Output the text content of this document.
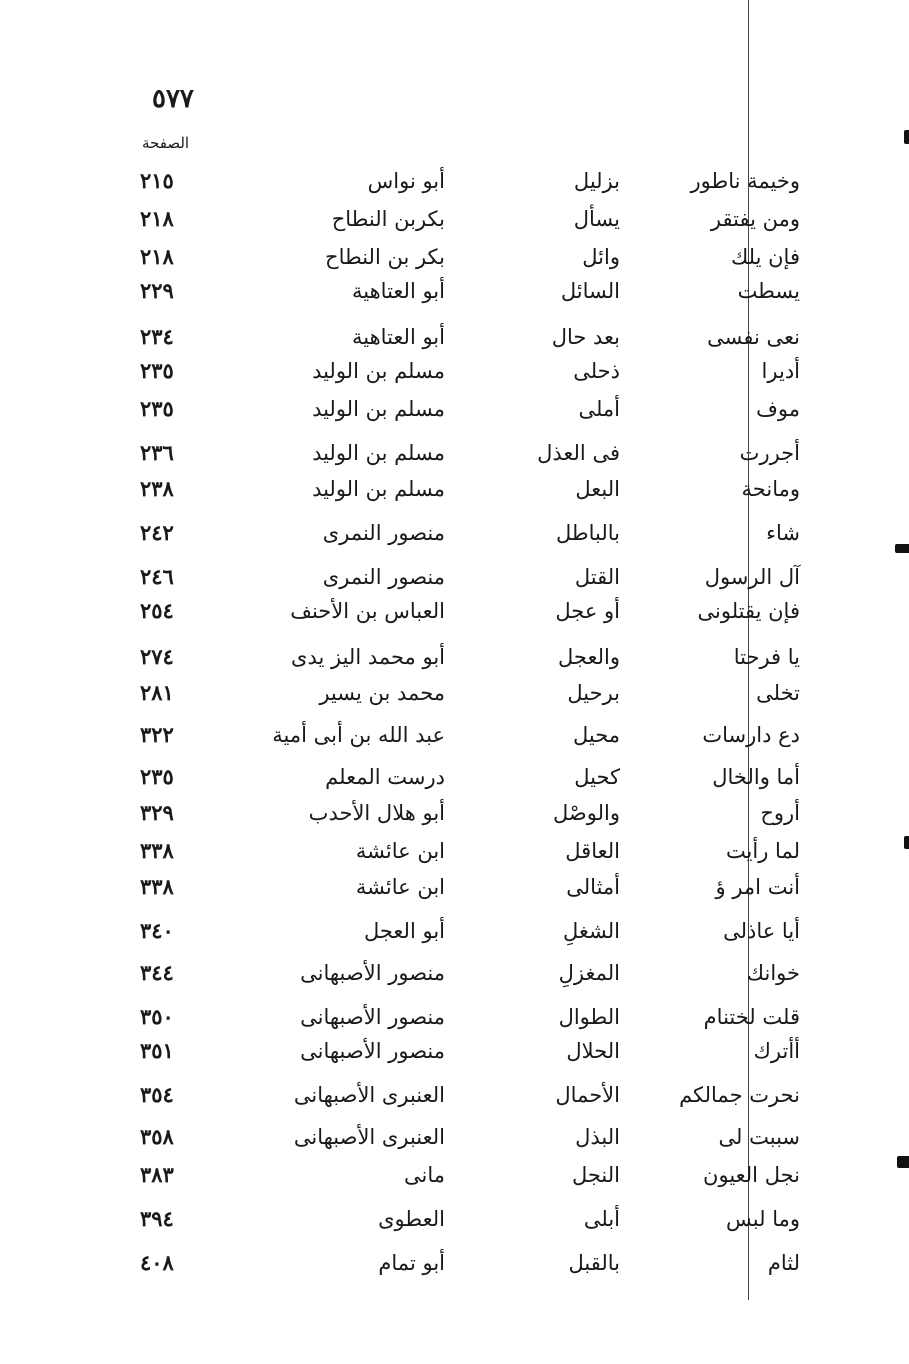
٥٧٧
الصفحة
وخيمة ناطور
بزليل
أبو نواس
٢١٥
ومن يفتقر
يسأل
بكربن النطاح
٢١٨
فإن يلك
وائل
بكر بن النطاح
٢١٨
يسطت
السائل
أبو العتاهية
٢٢٩
نعى نفسى
بعد حال
أبو العتاهية
٢٣٤
أديرا
ذحلى
مسلم بن الوليد
٢٣٥
موف
أملى
مسلم بن الوليد
٢٣٥
أجررت
فى العذل
مسلم بن الوليد
٢٣٦
ومانحة
البعل
مسلم بن الوليد
٢٣٨
شاء
بالباطل
منصور النمرى
٢٤٢
آل الرسول
القتل
منصور النمرى
٢٤٦
فإن يقتلونى
أو عجل
العباس بن الأحنف
٢٥٤
يا فرحتا
والعجل
أبو محمد اليز يدى
٢٧٤
تخلى
برحيل
محمد بن يسير
٢٨١
دع دارسات
محيل
عبد الله بن أبى أمية
٣٢٢
أما والخال
كحيل
درست المعلم
٢٣٥
أروح
والوصْل
أبو هلال الأحدب
٣٢٩
لما رأيت
العاقل
ابن عائشة
٣٣٨
أنت امر ؤ
أمثالى
ابن عائشة
٣٣٨
أيا عاذلى
الشغلِ
أبو العجل
٣٤٠
خوانك
المغزلِ
منصور الأصبهانى
٣٤٤
قلت لختنام
الطوال
منصور الأصبهانى
٣٥٠
أأترك
الحلال
منصور الأصبهانى
٣٥١
نحرت جمالكم
الأحمال
العنبرى الأصبهانى
٣٥٤
سببت لى
البذل
العنبرى الأصبهانى
٣٥٨
نجل العيون
النجل
مانى
٣٨٣
وما لبس
أبلى
العطوى
٣٩٤
لثام
بالقبل
أبو تمام
٤٠٨
